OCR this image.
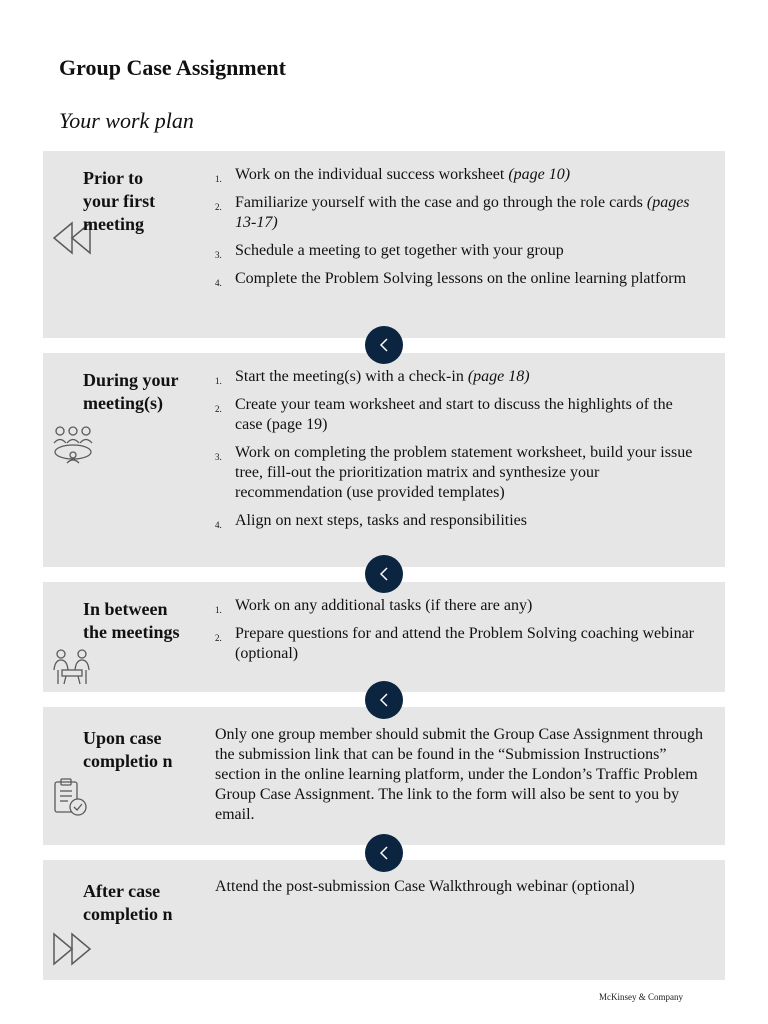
Group Case Assignment
Your work plan
Prior to your first meeting
1. Work on the individual success worksheet (page 10)
2. Familiarize yourself with the case and go through the role cards (pages 13-17)
3. Schedule a meeting to get together with your group
4. Complete the Problem Solving lessons on the online learning platform
During your meeting(s)
1. Start the meeting(s) with a check-in (page 18)
2. Create your team worksheet and start to discuss the highlights of the case (page 19)
3. Work on completing the problem statement worksheet, build your issue tree, fill-out the prioritization matrix and synthesize your recommendation (use provided templates)
4. Align on next steps, tasks and responsibilities
In between the meetings
1. Work on any additional tasks (if there are any)
2. Prepare questions for and attend the Problem Solving coaching webinar (optional)
Upon case completio n

Only one group member should submit the Group Case Assignment through the submission link that can be found in the “Submission Instructions” section in the online learning platform, under the London’s Traffic Problem Group Case Assignment. The link to the form will also be sent to you by email.

After case completio n

Attend the post-submission Case Walkthrough webinar (optional)

McKinsey & Company
